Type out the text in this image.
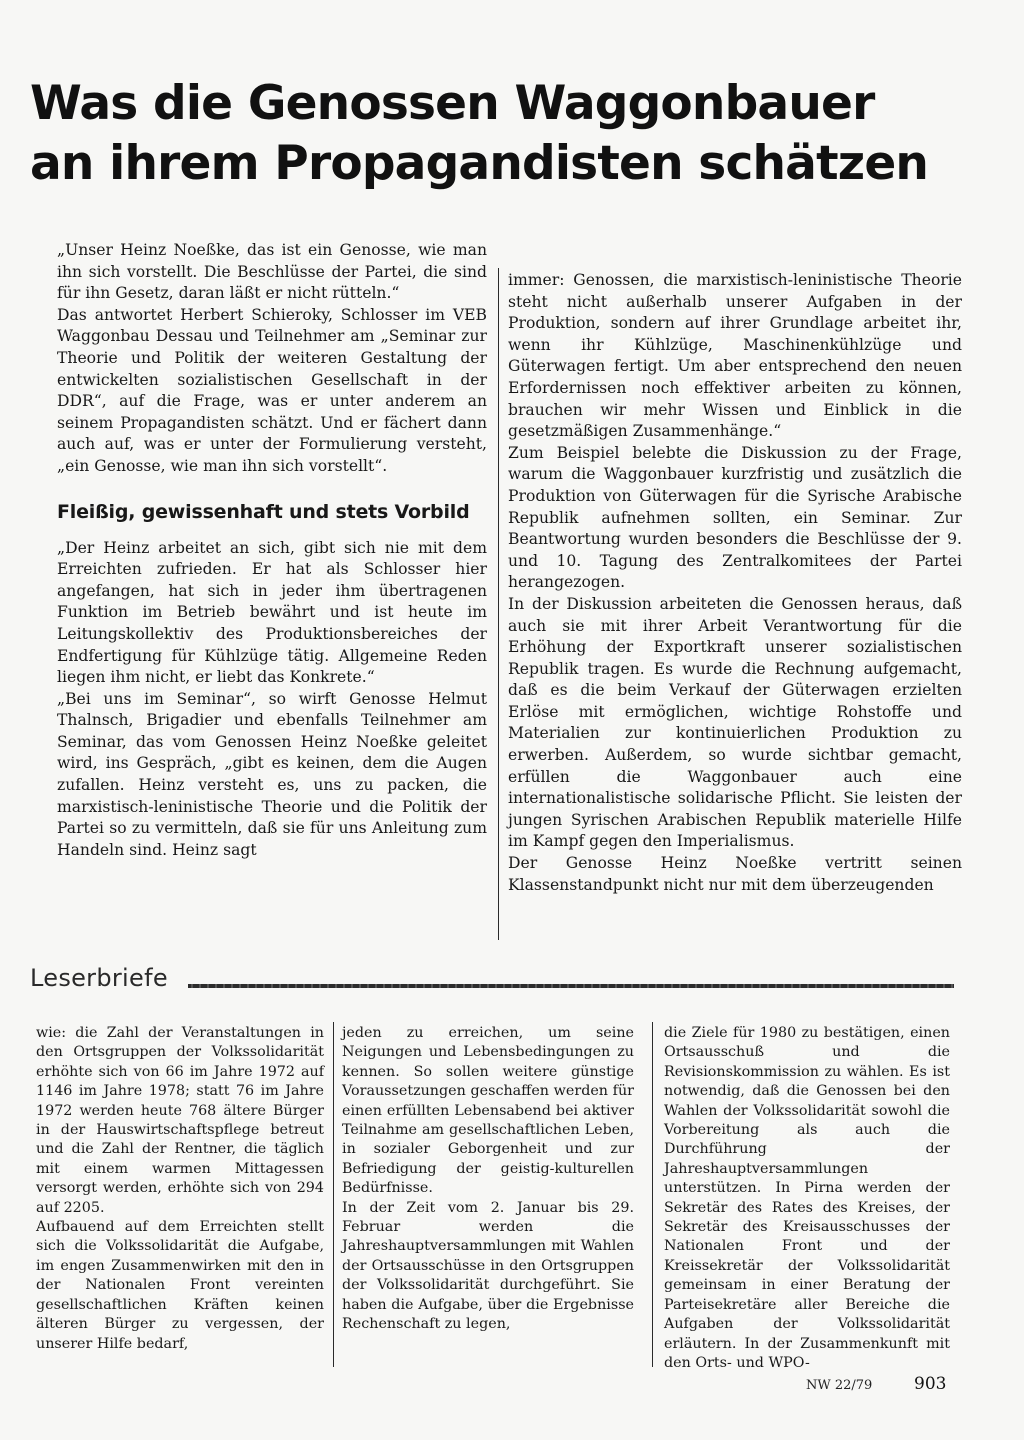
Was die Genossen Waggonbauer
an ihrem Propagandisten schätzen

„Unser Heinz Noeßke, das ist ein Genosse, wie man ihn sich vorstellt. Die Beschlüsse der Partei, die sind für ihn Gesetz, daran läßt er nicht rütteln.“

Das antwortet Herbert Schieroky, Schlosser im VEB Waggonbau Dessau und Teilnehmer am „Seminar zur Theorie und Politik der weiteren Gestaltung der entwickelten sozialistischen Gesellschaft in der DDR“, auf die Frage, was er unter anderem an seinem Propagandisten schätzt. Und er fächert dann auch auf, was er unter der Formulierung versteht, „ein Genosse, wie man ihn sich vorstellt“.

Fleißig, gewissenhaft und stets Vorbild

„Der Heinz arbeitet an sich, gibt sich nie mit dem Erreichten zufrieden. Er hat als Schlosser hier angefangen, hat sich in jeder ihm übertragenen Funktion im Betrieb bewährt und ist heute im Leitungskollektiv des Produktionsbereiches der Endfertigung für Kühlzüge tätig. Allgemeine Reden liegen ihm nicht, er liebt das Konkrete.“

„Bei uns im Seminar“, so wirft Genosse Helmut Thalnsch, Brigadier und ebenfalls Teilnehmer am Seminar, das vom Genossen Heinz Noeßke geleitet wird, ins Gespräch, „gibt es keinen, dem die Augen zufallen. Heinz versteht es, uns zu packen, die marxistisch-leninistische Theorie und die Politik der Partei so zu vermitteln, daß sie für uns Anleitung zum Handeln sind. Heinz sagt

immer: Genossen, die marxistisch-leninistische Theorie steht nicht außerhalb unserer Aufgaben in der Produktion, sondern auf ihrer Grundlage arbeitet ihr, wenn ihr Kühlzüge, Maschinenkühlzüge und Güterwagen fertigt. Um aber entsprechend den neuen Erfordernissen noch effektiver arbeiten zu können, brauchen wir mehr Wissen und Einblick in die gesetzmäßigen Zusammenhänge.“

Zum Beispiel belebte die Diskussion zu der Frage, warum die Waggonbauer kurzfristig und zusätzlich die Produktion von Güterwagen für die Syrische Arabische Republik aufnehmen sollten, ein Seminar. Zur Beantwortung wurden besonders die Beschlüsse der 9. und 10. Tagung des Zentralkomitees der Partei herangezogen.

In der Diskussion arbeiteten die Genossen heraus, daß auch sie mit ihrer Arbeit Verantwortung für die Erhöhung der Exportkraft unserer sozialistischen Republik tragen. Es wurde die Rechnung aufgemacht, daß es die beim Verkauf der Güterwagen erzielten Erlöse mit ermöglichen, wichtige Rohstoffe und Materialien zur kontinuierlichen Produktion zu erwerben. Außerdem, so wurde sichtbar gemacht, erfüllen die Waggonbauer auch eine internationalistische solidarische Pflicht. Sie leisten der jungen Syrischen Arabischen Republik materielle Hilfe im Kampf gegen den Imperialismus.

Der Genosse Heinz Noeßke vertritt seinen Klassenstandpunkt nicht nur mit dem überzeugenden

Leserbriefe

wie: die Zahl der Veranstaltungen in den Ortsgruppen der Volkssolidarität erhöhte sich von 66 im Jahre 1972 auf 1146 im Jahre 1978; statt 76 im Jahre 1972 werden heute 768 ältere Bürger in der Hauswirtschaftspflege betreut und die Zahl der Rentner, die täglich mit einem warmen Mittagessen versorgt werden, erhöhte sich von 294 auf 2205.

Aufbauend auf dem Erreichten stellt sich die Volkssolidarität die Aufgabe, im engen Zusammenwirken mit den in der Nationalen Front vereinten gesellschaftlichen Kräften keinen älteren Bürger zu vergessen, der unserer Hilfe bedarf,

jeden zu erreichen, um seine Neigungen und Lebensbedingungen zu kennen. So sollen weitere günstige Voraussetzungen geschaffen werden für einen erfüllten Lebensabend bei aktiver Teilnahme am gesellschaftlichen Leben, in sozialer Geborgenheit und zur Befriedigung der geistig-kulturellen Bedürfnisse.

In der Zeit vom 2. Januar bis 29. Februar werden die Jahreshauptversammlungen mit Wahlen der Ortsausschüsse in den Ortsgruppen der Volkssolidarität durchgeführt. Sie haben die Aufgabe, über die Ergebnisse Rechenschaft zu legen,

die Ziele für 1980 zu bestätigen, einen Ortsausschuß und die Revisionskommission zu wählen. Es ist notwendig, daß die Genossen bei den Wahlen der Volkssolidarität sowohl die Vorbereitung als auch die Durchführung der Jahreshauptversammlungen unterstützen. In Pirna werden der Sekretär des Rates des Kreises, der Sekretär des Kreisausschusses der Nationalen Front und der Kreissekretär der Volkssolidarität gemeinsam in einer Beratung der Parteisekretäre aller Bereiche die Aufgaben der Volkssolidarität erläutern. In der Zusammenkunft mit den Orts- und WPO-

NW 22/79 903
